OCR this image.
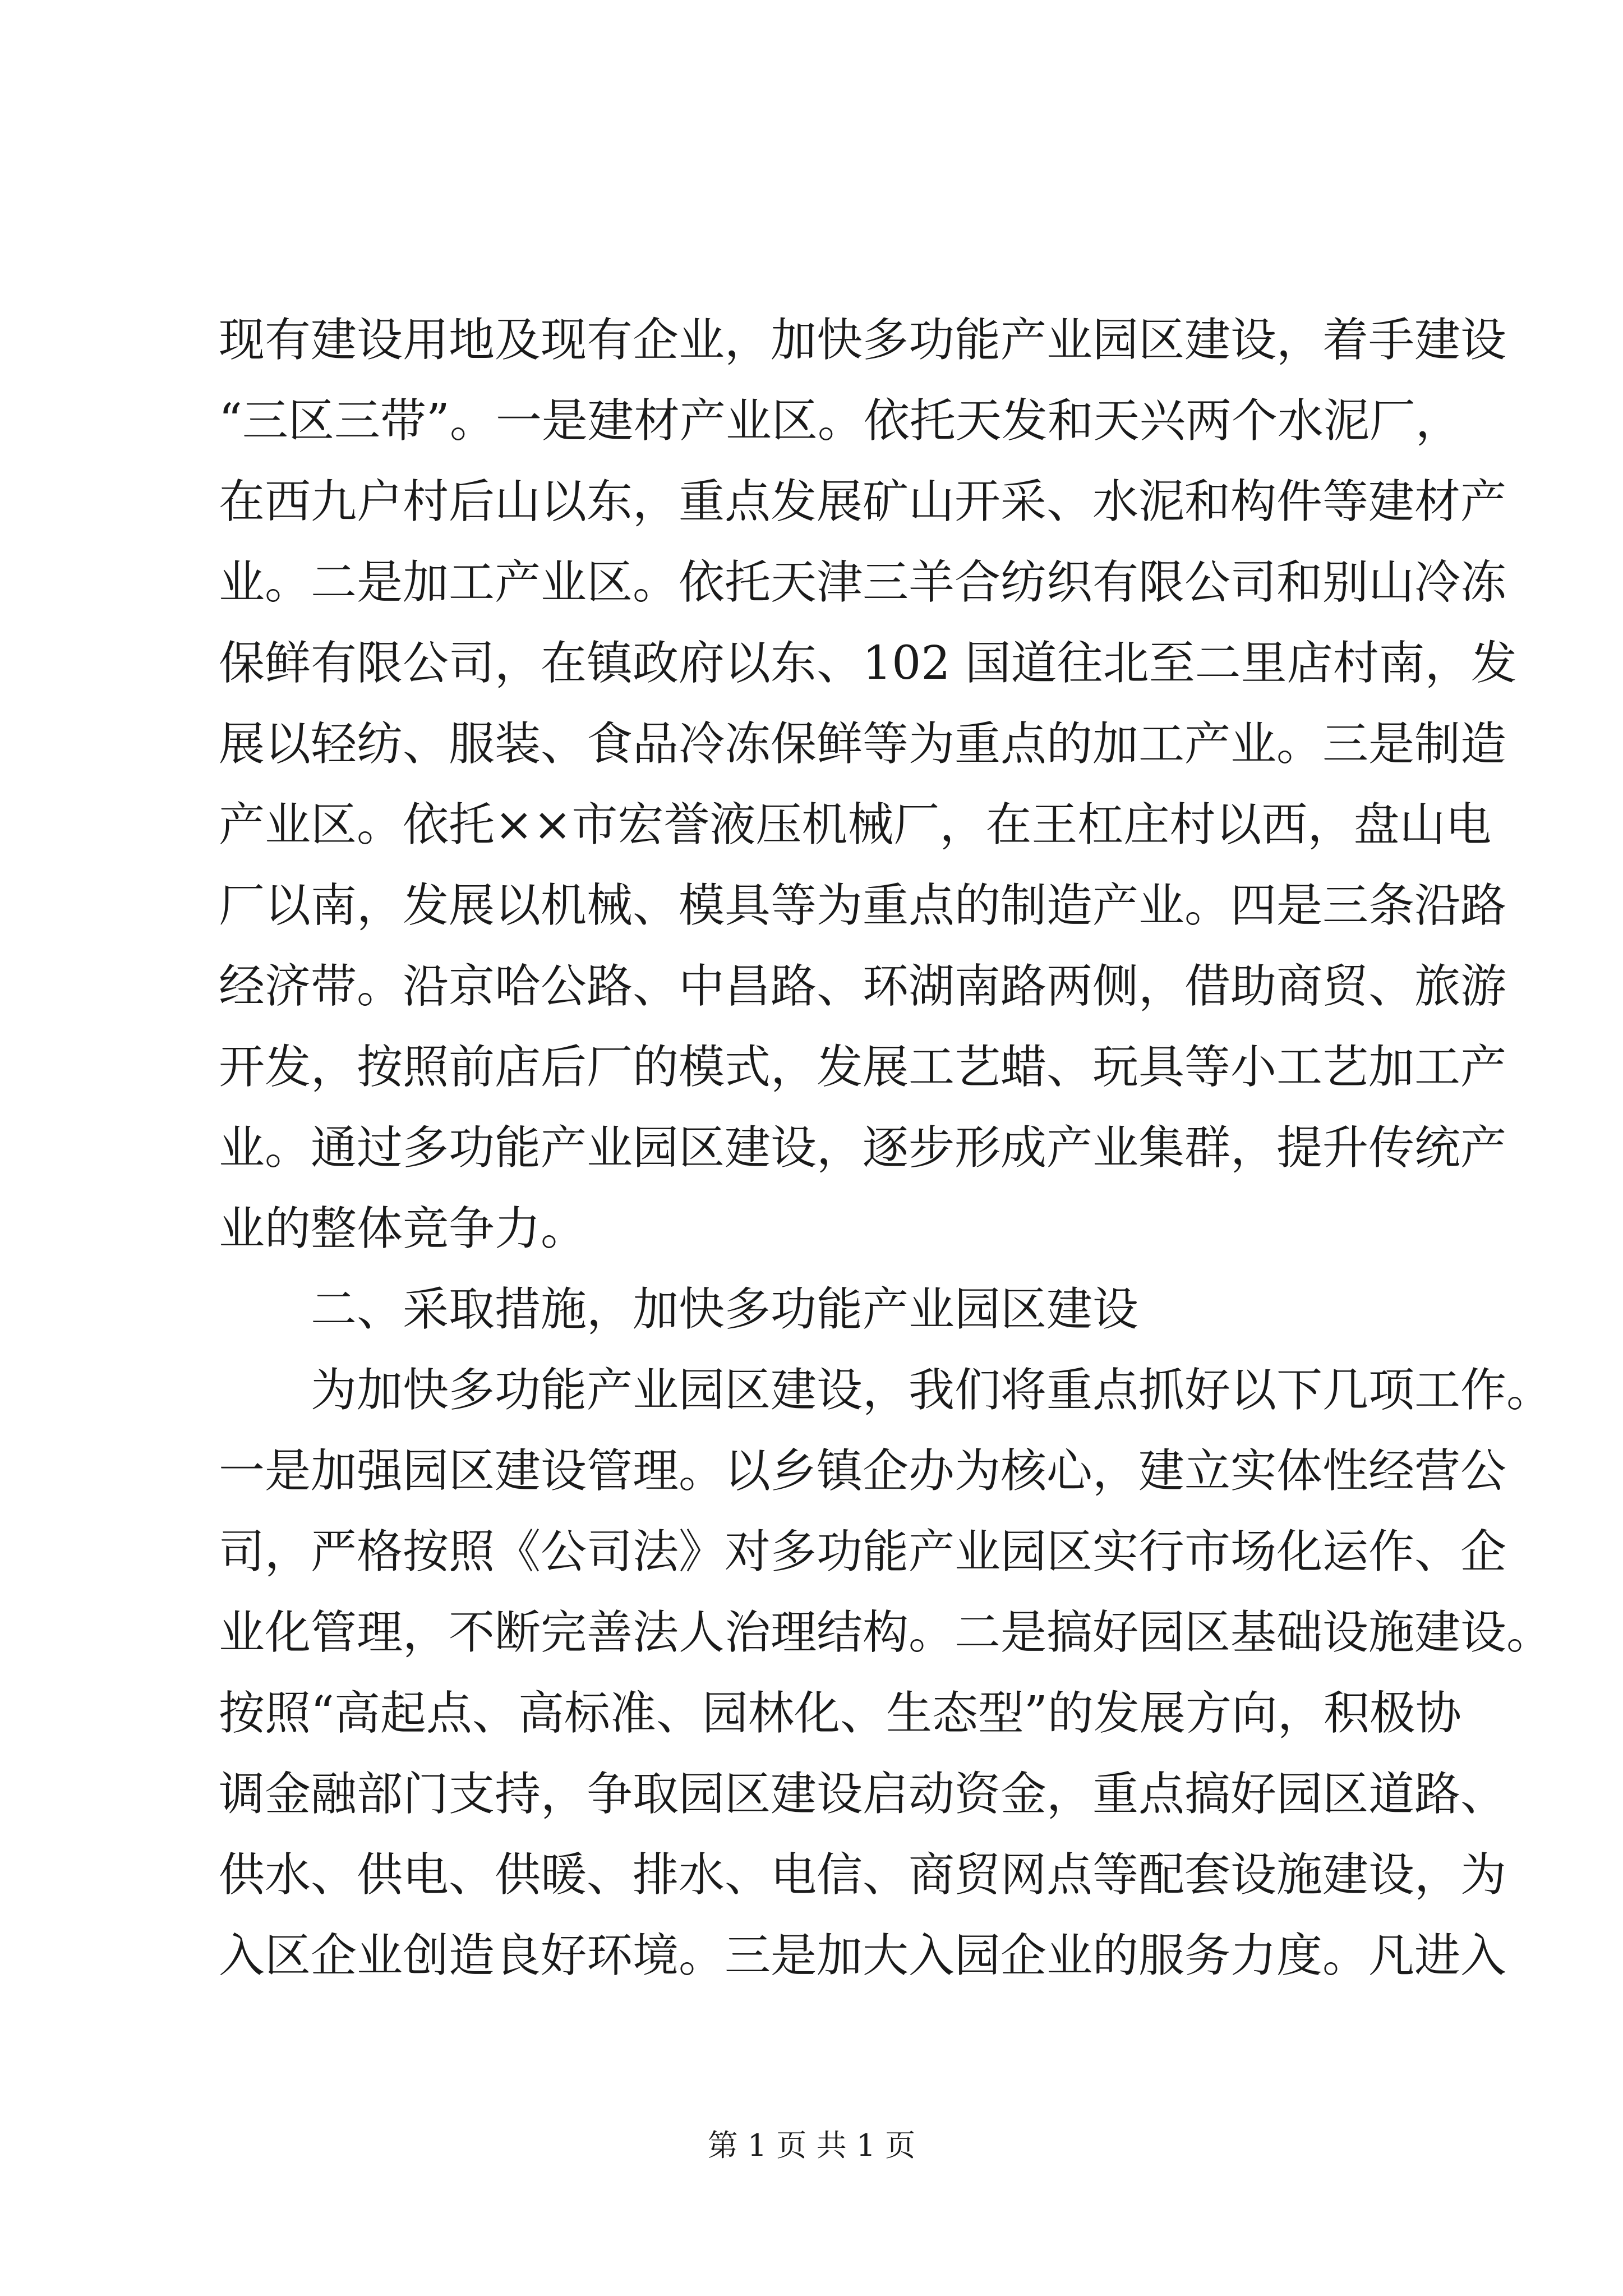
现有建设用地及现有企业，加快多功能产业园区建设，着手建设
“三区三带”。一是建材产业区。依托天发和天兴两个水泥厂，
在西九户村后山以东，重点发展矿山开采、水泥和构件等建材产
业。二是加工产业区。依托天津三羊合纺织有限公司和别山冷冻
保鲜有限公司，在镇政府以东、102 国道往北至二里店村南，发
展以轻纺、服装、食品冷冻保鲜等为重点的加工产业。三是制造
产业区。依托××市宏誉液压机械厂，在王杠庄村以西，盘山电
厂以南，发展以机械、模具等为重点的制造产业。四是三条沿路
经济带。沿京哈公路、中昌路、环湖南路两侧，借助商贸、旅游
开发，按照前店后厂的模式，发展工艺蜡、玩具等小工艺加工产
业。通过多功能产业园区建设，逐步形成产业集群，提升传统产
业的整体竞争力。
二、采取措施，加快多功能产业园区建设
为加快多功能产业园区建设，我们将重点抓好以下几项工作。
一是加强园区建设管理。以乡镇企办为核心，建立实体性经营公
司，严格按照《公司法》对多功能产业园区实行市场化运作、企
业化管理，不断完善法人治理结构。二是搞好园区基础设施建设。
按照“高起点、高标准、园林化、生态型”的发展方向，积极协
调金融部门支持，争取园区建设启动资金，重点搞好园区道路、
供水、供电、供暖、排水、电信、商贸网点等配套设施建设，为
入区企业创造良好环境。三是加大入园企业的服务力度。凡进入
第 1 页 共 1 页
